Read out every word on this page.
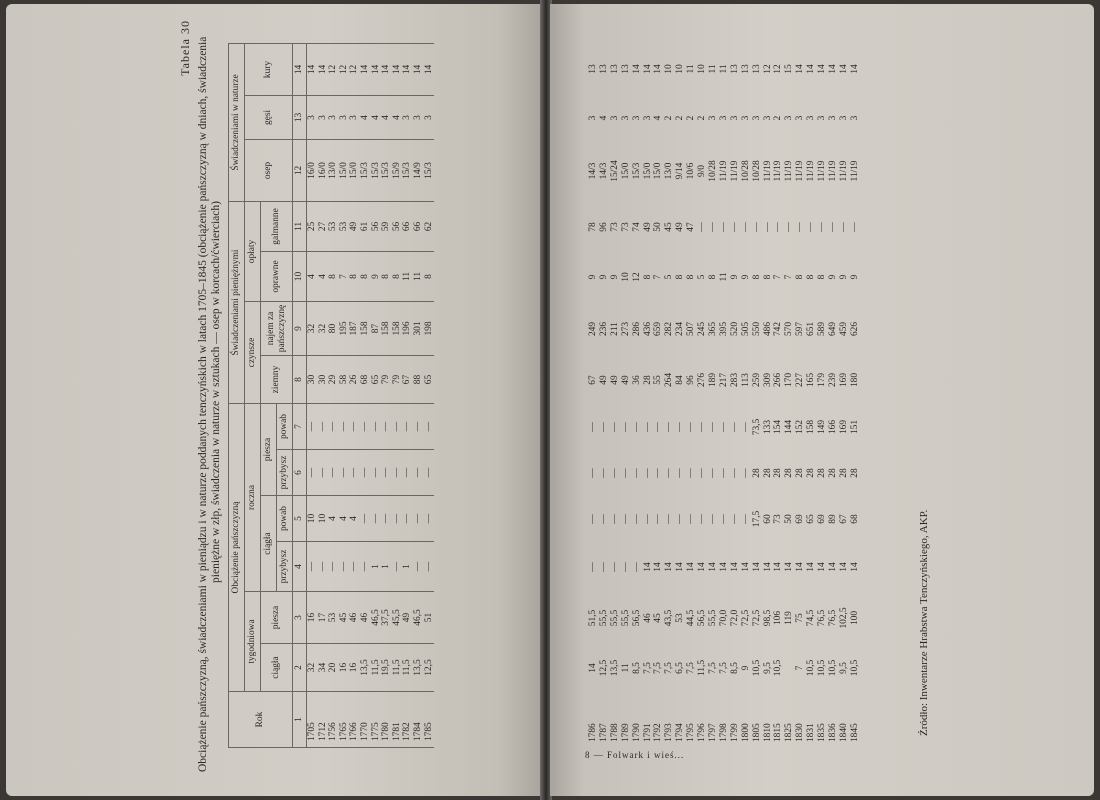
Tabela 30 Obciążenie pańszczyzną, świadczeniami w pieniądzu i w naturze poddanych tenczyńskich w latach 1705–1845 (obciążenie pańszczyzną w dniach, świadczenia pieniężne w złp, świadczenia w naturze w sztukach — osep w korcach/ćwierciach)
Rok	Obciążenie pańszczyzną						Świadczeniami pieniężnymi				Świadczeniami w naturze		
	tygodniowa		roczna				czynsze		opłaty		osep	gęsi	kury
	ciągła	piesza	ciągła		piesza		ziemny	najem za pańszczyznę	oprawne	galmanne			
			przybysz	powab	przybysz	powab							
1	2	3	4	5	6	7	8	9	10	11	12	13	14
1705	32	16	—	10	—	—	30	32	4	25	16/0	3	14
1712	34	17	—	10	—	—	30	32	4	27	16/0	3	14
1756	20	53	—	4	—	—	29	80	8	53	13/0	3	12
1765	16	45	—	4	—	—	58	195	7	53	15/0	3	12
1766	16	46	—	4	—	—	26	187	8	49	15/0	3	12
1770	13,5	46	—	—	—	—	68	158	8	61	15/3	4	14
1775	11,5	46,5	1	—	—	—	65	87	9	56	15/3	4	14
1780	19,5	37,5	1	—	—	—	79	158	8	59	15/3	4	14
1781	11,5	45,5	—	—	—	—	79	158	8	56	15/9	4	14
1782	11,5	49	1	—	—	—	67	196	11	66	15/3	3	14
1784	13,5	46,5	—	—	—	—	88	301	11	66	14/9	3	14
1785	12,5	51	—	—	—	—	65	198	8	62	15/3	3	14
1786	14	51,5	—	—	—	—	67	249	9	78	14/3	3	13
1787	12,5	55,5	—	—	—	—	49	236	9	96	14/3	4	13
1788	13,5	55,5	—	—	—	—	49	211	9	73	15/24	3	13
1789	11	55,5	—	—	—	—	49	273	10	73	15/0	3	13
1790	8,5	56,5	—	—	—	—	36	286	12	74	15/3	3	14
1791	7,5	46	14	—	—	—	28	436	8	49	15/0	3	14
1792	7,5	45	14	—	—	—	55	659	7	50	15/0	4	14
1793	7,5	43,5	14	—	—	—	264	282	5	45	13/0	2	10
1794	6,5	53	14	—	—	—	84	234	8	49	9/14	2	10
1795	7,5	44,5	14	—	—	—	96	507	8	47	10/6	2	11
1796	11,5	56,5	14	—	—	—	276	245	5	—	9/0	2	10
1797	7,5	55,5	14	—	—	—	189	365	8	—	10/28	3	11
1798	7,5	70,0	14	—	—	—	217	395	11	—	11/19	3	11
1799	8,5	72,0	14	—	—	—	283	520	9	—	11/19	3	13
1800	9	72,5	14	—	—	—	113	505	9	—	10/28	3	13
1805	10,5	72,5	14	17,5	28	73,5	259	550	8	—	10/28	3	13
1810	9,5	98,5	14	60	28	133	309	486	8	—	11/19	3	12
1815	10,5	106	14	73	28	154	266	742	7	—	11/19	2	12
1825		119	14	50	28	144	170	570	7	—	11/19	3	15
1830	7	75	14	69	28	152	227	597	8	—	11/19	3	14
1831	10,5	74,5	14	65	28	158	165	651	8	—	11/19	3	14
1835	10,5	76,5	14	69	28	149	179	589	8	—	11/19	3	14
1836	10,5	76,5	14	89	28	166	239	649	9	—	11/19	3	14
1840	9,5	102,5	14	67	28	169	169	459	9	—	11/19	3	14
1845	10,5	100	14	68	28	151	180	626	9	—	11/19	3	14
Źródło: Inwentarze Hrabstwa Tenczyńskiego, AKP.
8 — Folwark i wieś...
